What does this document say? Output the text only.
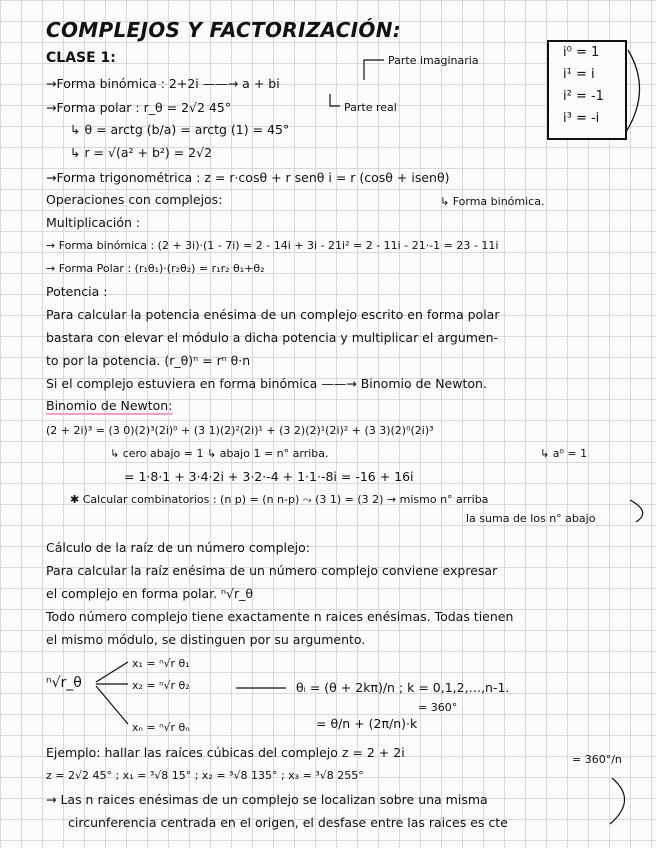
COMPLEJOS Y FACTORIZACIÓN:
CLASE 1:	Parte imaginaria
→Forma binómica : 2+2i ——→ a + bi
→Forma polar : r_θ = 2√2 45°	Parte real
↳ θ = arctg (b/a) = arctg (1) = 45°
↳ r = √(a² + b²) = 2√2
i⁰ = 1
i¹ = i
i² = -1
i³ = -i
→Forma trigonométrica : z = r·cosθ + r senθ i = r (cosθ + isenθ)
Operaciones con complejos:	↳ Forma binómica.
Multiplicación :
→ Forma binómica : (2 + 3i)·(1 - 7i) = 2 - 14i + 3i - 21i² = 2 - 11i - 21·-1 = 23 - 11i
→ Forma Polar : (r₁θ₁)·(r₂θ₂) = r₁r₂ θ₁+θ₂
Potencia :
Para calcular la potencia enésima de un complejo escrito en forma polar
bastara con elevar el módulo a dicha potencia y multiplicar el argumen-
to por la potencia. (r_θ)ⁿ = rⁿ θ·n
Si el complejo estuviera en forma binómica ——→ Binomio de Newton.
Binomio de Newton:
(2 + 2i)³ = (3 0)(2)³(2i)⁰ + (3 1)(2)²(2i)¹ + (3 2)(2)¹(2i)² + (3 3)(2)⁰(2i)³
↳ cero abajo = 1 ↳ abajo 1 = n° arriba.	↳ a⁰ = 1
= 1·8·1 + 3·4·2i + 3·2·-4 + 1·1·-8i = -16 + 16i
✱ Calcular combinatorios : (n p) = (n n-p) ⤳ (3 1) = (3 2) → mismo n° arriba
la suma de los n° abajo
Cálculo de la raíz de un número complejo:
Para calcular la raíz enésima de un número complejo conviene expresar
el complejo en forma polar. ⁿ√r_θ
Todo número complejo tiene exactamente n raices enésimas. Todas tienen
el mismo módulo, se distinguen por su argumento.
ⁿ√r_θ
x₁ = ⁿ√r θ₁
x₂ = ⁿ√r θ₂
xₙ = ⁿ√r θₙ
θᵢ = (θ + 2kπ)/n ; k = 0,1,2,…,n-1.
= θ/n + (2π/n)·k
= 360°
Ejemplo: hallar las raíces cúbicas del complejo z = 2 + 2i
z = 2√2 45° ; x₁ = ³√8 15° ; x₂ = ³√8 135° ; x₃ = ³√8 255°
= 360°/n
→ Las n raices enésimas de un complejo se localizan sobre una misma
circunferencia centrada en el origen, el desfase entre las raices es cte
